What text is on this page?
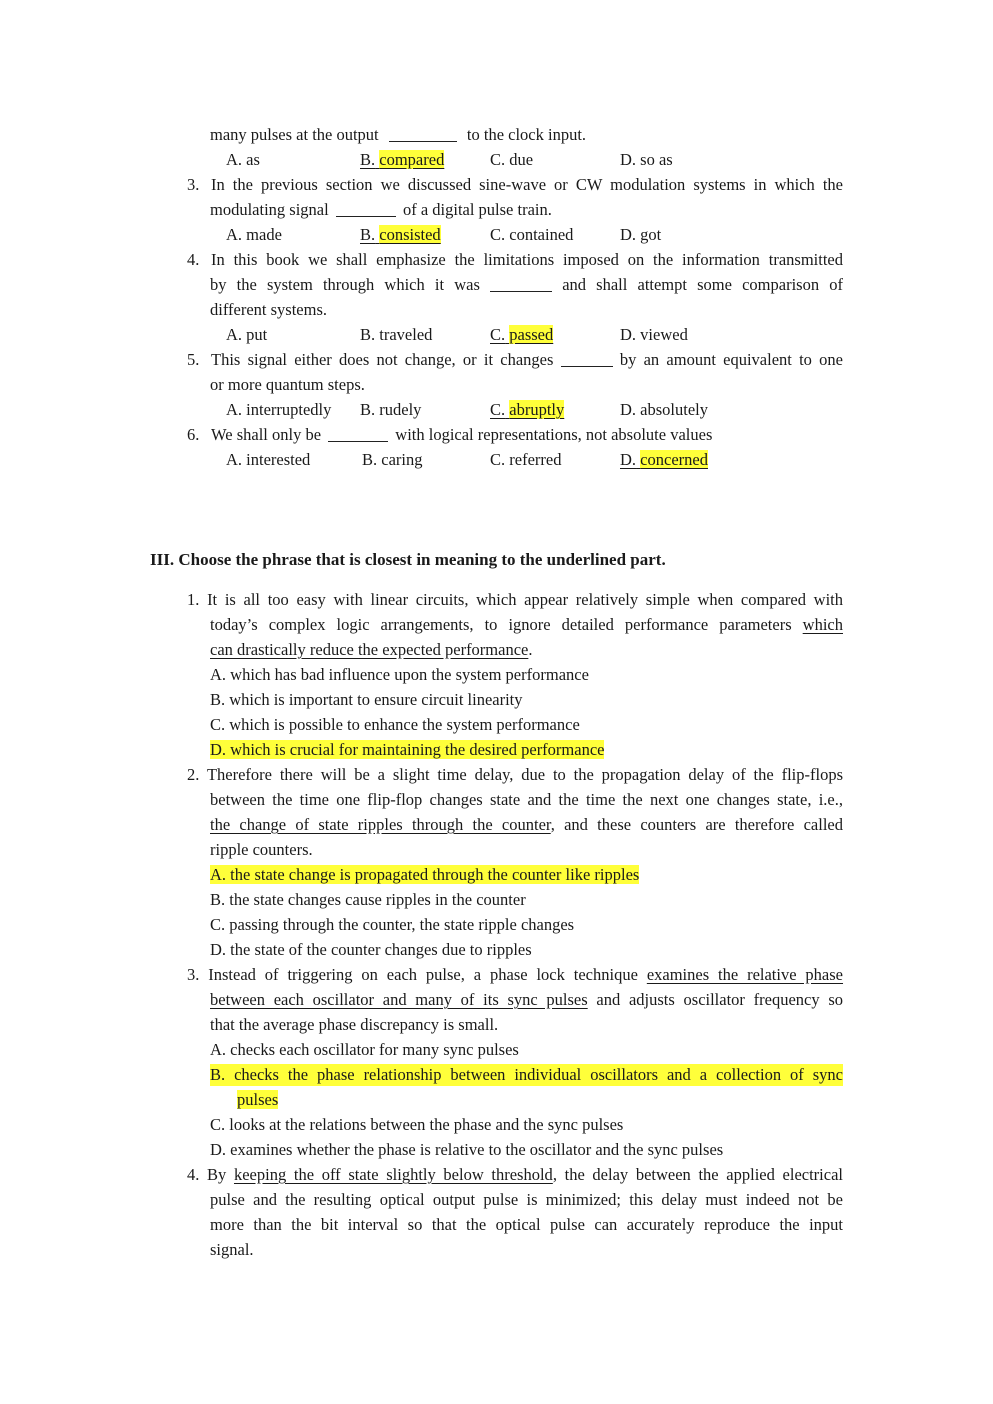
many pulses at the output	to the clock input.
A. as	B. compared	C. due	D. so as
3. In the previous section we discussed sine-wave or CW modulation systems in which the
modulating signal	of a digital pulse train.
A. made	B. consisted	C. contained	D. got
4. In this book we shall emphasize the limitations imposed on the information transmitted
by the system through which it was	and shall attempt some comparison of
different systems.
A. put	B. traveled	C. passed	D. viewed
5. This signal either does not change, or it changes	by an amount equivalent to one
or more quantum steps.
A. interruptedly B. rudely	C. abruptly	D. absolutely
6. We shall only be	with logical representations, not absolute values
A. interested	B. caring	C. referred	D. concerned
III. Choose the phrase that is closest in meaning to the underlined part.
1. It is all too easy with linear circuits, which appear relatively simple when compared with
today’s complex logic arrangements, to ignore detailed performance parameters which
can drastically reduce the expected performance.
A. which has bad influence upon the system performance
B. which is important to ensure circuit linearity
C. which is possible to enhance the system performance
D. which is crucial for maintaining the desired performance
2. Therefore there will be a slight time delay, due to the propagation delay of the flip-flops
between the time one flip-flop changes state and the time the next one changes state, i.e.,
the change of state ripples through the counter, and these counters are therefore called
ripple counters.
A. the state change is propagated through the counter like ripples
B. the state changes cause ripples in the counter
C. passing through the counter, the state ripple changes
D. the state of the counter changes due to ripples
3. Instead of triggering on each pulse, a phase lock technique examines the relative phase
between each oscillator and many of its sync pulses and adjusts oscillator frequency so
that the average phase discrepancy is small.
A. checks each oscillator for many sync pulses
B. checks the phase relationship between individual oscillators and a collection of sync
pulses
C. looks at the relations between the phase and the sync pulses
D. examines whether the phase is relative to the oscillator and the sync pulses
4. By keeping the off state slightly below threshold, the delay between the applied electrical
pulse and the resulting optical output pulse is minimized; this delay must indeed not be
more than the bit interval so that the optical pulse can accurately reproduce the input
signal.
